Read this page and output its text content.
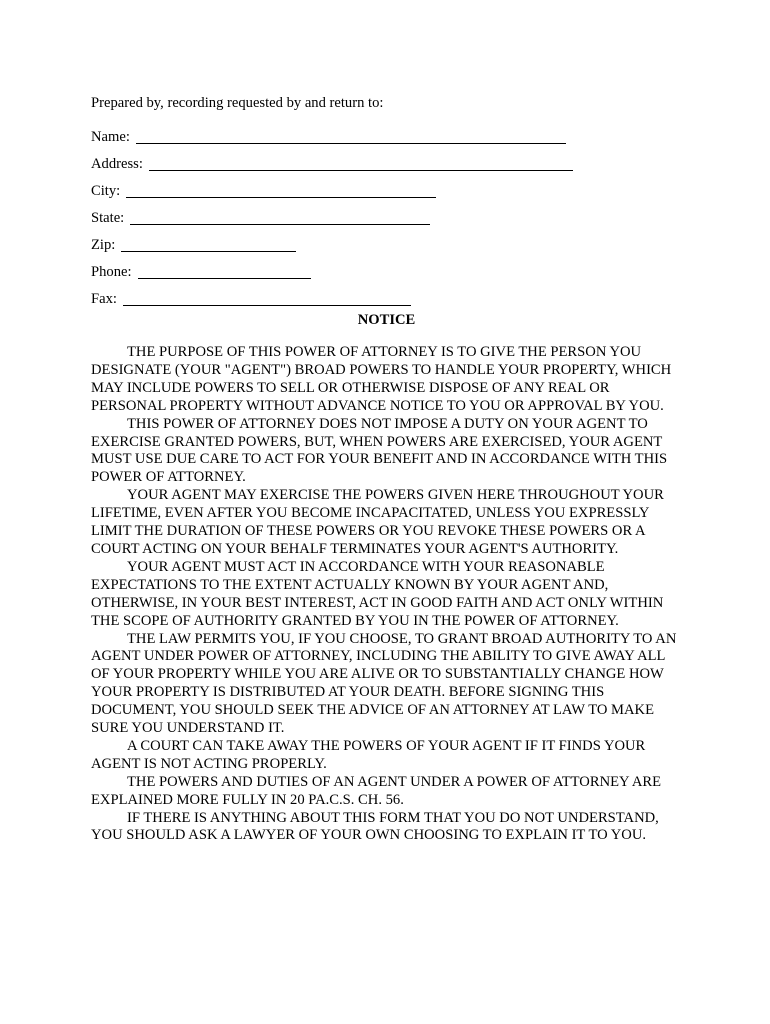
Prepared by, recording requested by and return to:
Name:
Address:
City:
State:
Zip:
Phone:
Fax:
NOTICE

THE PURPOSE OF THIS POWER OF ATTORNEY IS TO GIVE THE PERSON YOU DESIGNATE (YOUR "AGENT") BROAD POWERS TO HANDLE YOUR PROPERTY, WHICH MAY INCLUDE POWERS TO SELL OR OTHERWISE DISPOSE OF ANY REAL OR PERSONAL PROPERTY WITHOUT ADVANCE NOTICE TO YOU OR APPROVAL BY YOU.

THIS POWER OF ATTORNEY DOES NOT IMPOSE A DUTY ON YOUR AGENT TO EXERCISE GRANTED POWERS, BUT, WHEN POWERS ARE EXERCISED, YOUR AGENT MUST USE DUE CARE TO ACT FOR YOUR BENEFIT AND IN ACCORDANCE WITH THIS POWER OF ATTORNEY.

YOUR AGENT MAY EXERCISE THE POWERS GIVEN HERE THROUGHOUT YOUR LIFETIME, EVEN AFTER YOU BECOME INCAPACITATED, UNLESS YOU EXPRESSLY LIMIT THE DURATION OF THESE POWERS OR YOU REVOKE THESE POWERS OR A COURT ACTING ON YOUR BEHALF TERMINATES YOUR AGENT'S AUTHORITY.

YOUR AGENT MUST ACT IN ACCORDANCE WITH YOUR REASONABLE EXPECTATIONS TO THE EXTENT ACTUALLY KNOWN BY YOUR AGENT AND, OTHERWISE, IN YOUR BEST INTEREST, ACT IN GOOD FAITH AND ACT ONLY WITHIN THE SCOPE OF AUTHORITY GRANTED BY YOU IN THE POWER OF ATTORNEY.

THE LAW PERMITS YOU, IF YOU CHOOSE, TO GRANT BROAD AUTHORITY TO AN AGENT UNDER POWER OF ATTORNEY, INCLUDING THE ABILITY TO GIVE AWAY ALL OF YOUR PROPERTY WHILE YOU ARE ALIVE OR TO SUBSTANTIALLY CHANGE HOW YOUR PROPERTY IS DISTRIBUTED AT YOUR DEATH. BEFORE SIGNING THIS DOCUMENT, YOU SHOULD SEEK THE ADVICE OF AN ATTORNEY AT LAW TO MAKE SURE YOU UNDERSTAND IT.

A COURT CAN TAKE AWAY THE POWERS OF YOUR AGENT IF IT FINDS YOUR AGENT IS NOT ACTING PROPERLY.

THE POWERS AND DUTIES OF AN AGENT UNDER A POWER OF ATTORNEY ARE EXPLAINED MORE FULLY IN 20 PA.C.S. CH. 56.

IF THERE IS ANYTHING ABOUT THIS FORM THAT YOU DO NOT UNDERSTAND, YOU SHOULD ASK A LAWYER OF YOUR OWN CHOOSING TO EXPLAIN IT TO YOU.
